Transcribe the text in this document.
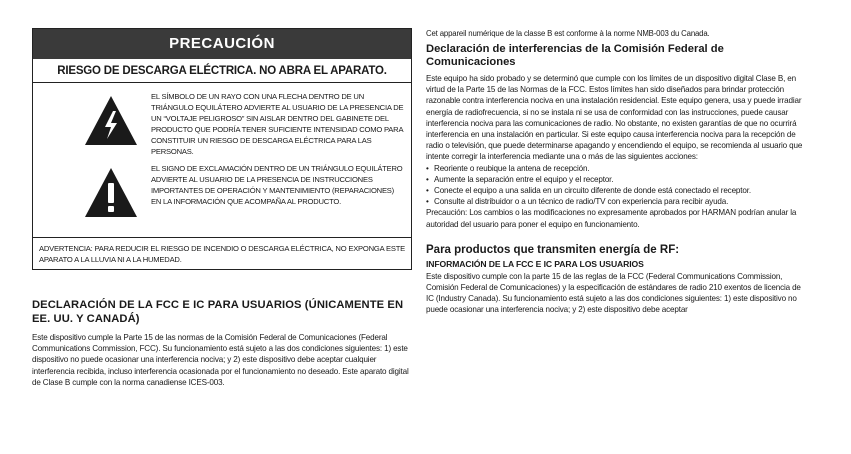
PRECAUCIÓN
RIESGO DE DESCARGA ELÉCTRICA. NO ABRA EL APARATO.
EL SÍMBOLO DE UN RAYO CON UNA FLECHA DENTRO DE UN TRIÁNGULO EQUILÁTERO ADVIERTE AL USUARIO DE LA PRESENCIA DE UN “VOLTAJE PELIGROSO” SIN AISLAR DENTRO DEL GABINETE DEL PRODUCTO QUE PODRÍA TENER SUFICIENTE INTENSIDAD COMO PARA CONSTITUIR UN RIESGO DE DESCARGA ELÉCTRICA PARA LAS PERSONAS.
EL SIGNO DE EXCLAMACIÓN DENTRO DE UN TRIÁNGULO EQUILÁTERO ADVIERTE AL USUARIO DE LA PRESENCIA DE INSTRUCCIONES IMPORTANTES DE OPERACIÓN Y MANTENIMIENTO (REPARACIONES) EN LA INFORMACIÓN QUE ACOMPAÑA AL PRODUCTO.
ADVERTENCIA: PARA REDUCIR EL RIESGO DE INCENDIO O DESCARGA ELÉCTRICA, NO EXPONGA ESTE APARATO A LA LLUVIA NI A LA HUMEDAD.
DECLARACIÓN DE LA FCC E IC PARA USUARIOS (ÚNICAMENTE EN EE. UU. Y CANADÁ)

Este dispositivo cumple la Parte 15 de las normas de la Comisión Federal de Comunicaciones (Federal Communications Commission, FCC). Su funcionamiento está sujeto a las dos condiciones siguientes: 1) este dispositivo no puede ocasionar una interferencia nociva; y 2) este dispositivo debe aceptar cualquier interferencia recibida, incluso interferencia ocasionada por el funcionamiento no deseado. Este aparato digital de Clase B cumple con la norma canadiense ICES-003.

Cet appareil numérique de la classe B est conforme à la norme NMB-003 du Canada.

Declaración de interferencias de la Comisión Federal de Comunicaciones

Este equipo ha sido probado y se determinó que cumple con los límites de un dispositivo digital Clase B, en virtud de la Parte 15 de las Normas de la FCC. Estos límites han sido diseñados para brindar protección razonable contra interferencia nociva en una instalación residencial. Este equipo genera, usa y puede irradiar energía de radiofrecuencia, si no se instala ni se usa de conformidad con las instrucciones, puede causar interferencia nociva para las comunicaciones de radio. No obstante, no existen garantías de que no ocurrirá interferencia en una instalación en particular. Si este equipo causa interferencia nociva para la recepción de radio o televisión, que puede determinarse apagando y encendiendo el equipo, se recomienda al usuario que intente corregir la interferencia mediante una o más de las siguientes acciones:

• Reoriente o reubique la antena de recepción.
• Aumente la separación entre el equipo y el receptor.
• Conecte el equipo a una salida en un circuito diferente de donde está conectado el receptor.
• Consulte al distribuidor o a un técnico de radio/TV con experiencia para recibir ayuda.

Precaución: Los cambios o las modificaciones no expresamente aprobados por HARMAN podrían anular la autoridad del usuario para poner el equipo en funcionamiento.

Para productos que transmiten energía de RF:
INFORMACIÓN DE LA FCC E IC PARA LOS USUARIOS

Este dispositivo cumple con la parte 15 de las reglas de la FCC (Federal Communications Commission, Comisión Federal de Comunicaciones) y la especificación de estándares de radio 210 exentos de licencia de IC (Industry Canada). Su funcionamiento está sujeto a las dos condiciones siguientes: 1) este dispositivo no puede ocasionar una interferencia nociva; y 2) este dispositivo debe aceptar
